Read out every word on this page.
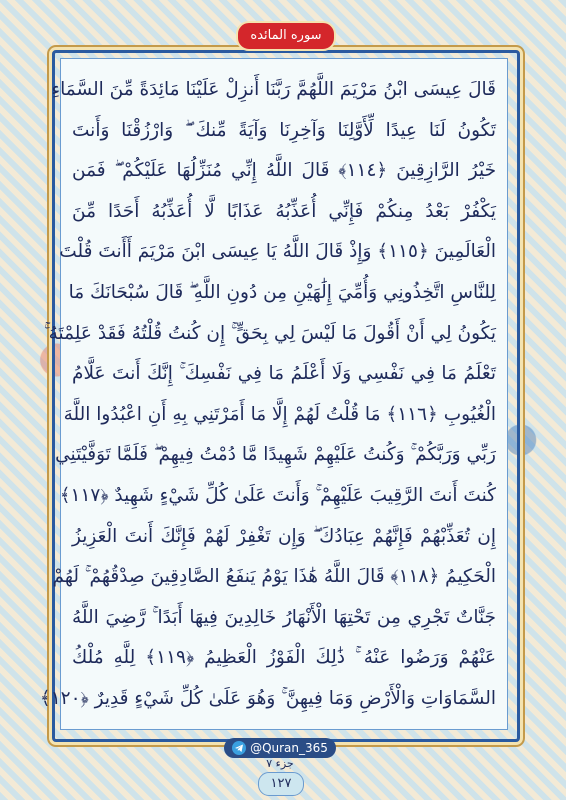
سوره المائده
قَالَ عِيسَى ابْنُ مَرْيَمَ اللَّهُمَّ رَبَّنَا أَنزِلْ عَلَيْنَا مَائِدَةً مِّنَ السَّمَاءِ
تَكُونُ لَنَا عِيدًا لِّأَوَّلِنَا وَآخِرِنَا وَآيَةً مِّنكَ ۖ وَارْزُقْنَا وَأَنتَ
خَيْرُ الرَّازِقِينَ ﴿١١٤﴾ قَالَ اللَّهُ إِنِّي مُنَزِّلُهَا عَلَيْكُمْ ۖ فَمَن
يَكْفُرْ بَعْدُ مِنكُمْ فَإِنِّي أُعَذِّبُهُ عَذَابًا لَّا أُعَذِّبُهُ أَحَدًا مِّنَ
الْعَالَمِينَ ﴿١١٥﴾ وَإِذْ قَالَ اللَّهُ يَا عِيسَى ابْنَ مَرْيَمَ أَأَنتَ قُلْتَ
لِلنَّاسِ اتَّخِذُونِي وَأُمِّيَ إِلَٰهَيْنِ مِن دُونِ اللَّهِ ۖ قَالَ سُبْحَانَكَ مَا
يَكُونُ لِي أَنْ أَقُولَ مَا لَيْسَ لِي بِحَقٍّ ۚ إِن كُنتُ قُلْتُهُ فَقَدْ عَلِمْتَهُ ۚ
تَعْلَمُ مَا فِي نَفْسِي وَلَا أَعْلَمُ مَا فِي نَفْسِكَ ۚ إِنَّكَ أَنتَ عَلَّامُ
الْغُيُوبِ ﴿١١٦﴾ مَا قُلْتُ لَهُمْ إِلَّا مَا أَمَرْتَنِي بِهِ أَنِ اعْبُدُوا اللَّهَ
رَبِّي وَرَبَّكُمْ ۚ وَكُنتُ عَلَيْهِمْ شَهِيدًا مَّا دُمْتُ فِيهِمْ ۖ فَلَمَّا تَوَفَّيْتَنِي
كُنتَ أَنتَ الرَّقِيبَ عَلَيْهِمْ ۚ وَأَنتَ عَلَىٰ كُلِّ شَيْءٍ شَهِيدٌ ﴿١١٧﴾
إِن تُعَذِّبْهُمْ فَإِنَّهُمْ عِبَادُكَ ۖ وَإِن تَغْفِرْ لَهُمْ فَإِنَّكَ أَنتَ الْعَزِيزُ
الْحَكِيمُ ﴿١١٨﴾ قَالَ اللَّهُ هَٰذَا يَوْمُ يَنفَعُ الصَّادِقِينَ صِدْقُهُمْ ۚ لَهُمْ
جَنَّاتٌ تَجْرِي مِن تَحْتِهَا الْأَنْهَارُ خَالِدِينَ فِيهَا أَبَدًا ۚ رَّضِيَ اللَّهُ
عَنْهُمْ وَرَضُوا عَنْهُ ۚ ذَٰلِكَ الْفَوْزُ الْعَظِيمُ ﴿١١٩﴾ لِلَّهِ مُلْكُ
السَّمَاوَاتِ وَالْأَرْضِ وَمَا فِيهِنَّ ۚ وَهُوَ عَلَىٰ كُلِّ شَيْءٍ قَدِيرٌ ﴿١٢٠﴾
@Quran_365
جزء ۷
۱۲۷
